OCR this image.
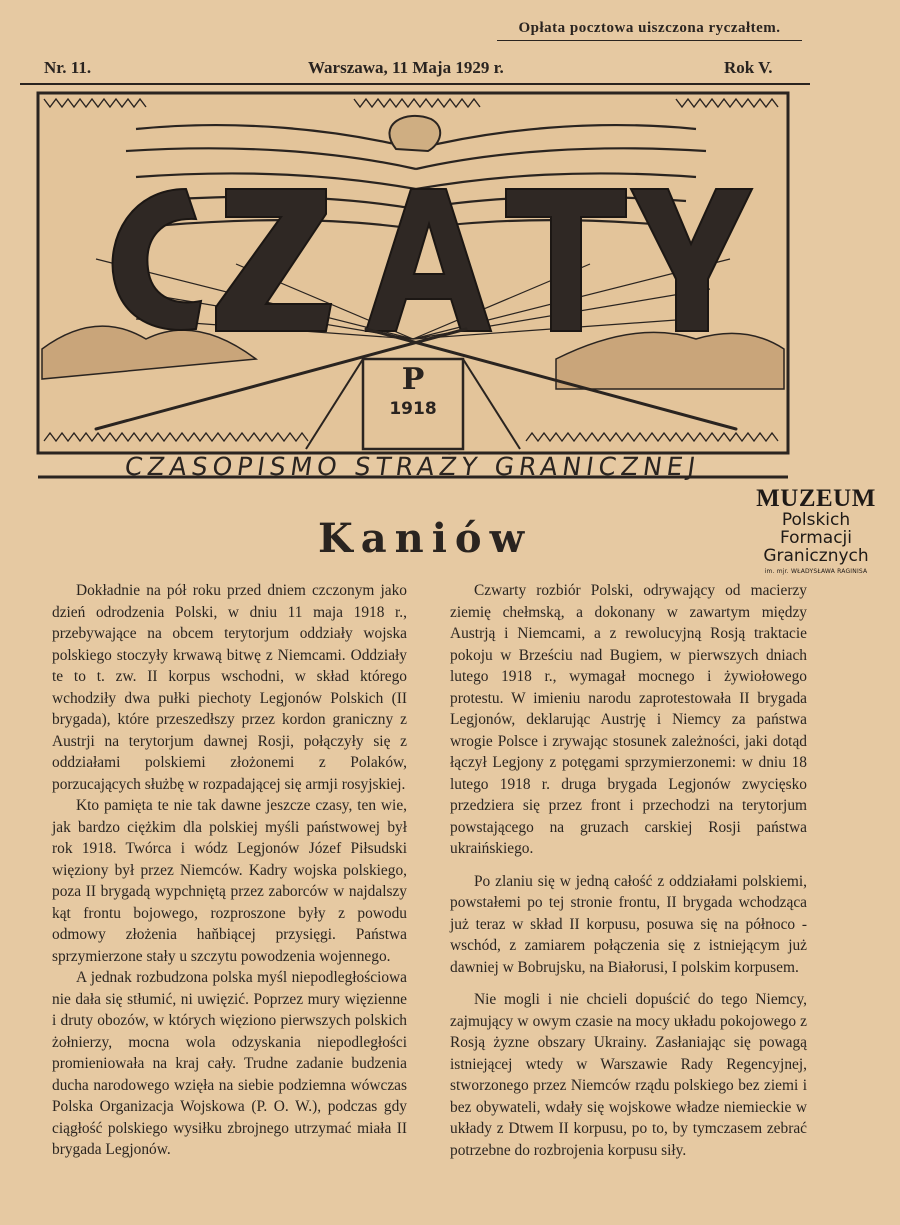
Opłata pocztowa uiszczona ryczałtem.
Nr. 11.	Warszawa, 11 Maja 1929 r.	Rok V.
P
1918
CZASOPISMO STRAŻY GRANICZNEJ
MUZEUM
Polskich
Formacji
Granicznych
im. mjr. WŁADYSŁAWA RAGINISA
Kaniów

Dokładnie na pół roku przed dniem czczonym jako dzień odrodzenia Polski, w dniu 11 maja 1918 r., przebywające na obcem terytorjum oddziały wojska polskiego stoczyły krwawą bitwę z Niemcami. Oddziały te to t. zw. II korpus wschodni, w skład którego wchodziły dwa pułki piechoty Legjonów Polskich (II brygada), które przeszedłszy przez kordon graniczny z Austrji na terytorjum dawnej Rosji, połączyły się z oddziałami polskiemi złożonemi z Polaków, porzucających służbę w rozpadającej się armji rosyjskiej.

Kto pamięta te nie tak dawne jeszcze czasy, ten wie, jak bardzo ciężkim dla polskiej myśli państwowej był rok 1918. Twórca i wódz Legjonów Józef Piłsudski więziony był przez Niemców. Kadry wojska polskiego, poza II brygadą wypchniętą przez zaborców w najdalszy kąt frontu bojowego, rozproszone były z powodu odmowy złożenia haňbiącej przysięgi. Państwa sprzymierzone stały u szczytu powodzenia wojennego.

A jednak rozbudzona polska myśl niepodległościowa nie dała się stłumić, ni uwięzić. Poprzez mury więzienne i druty obozów, w których więziono pierwszych polskich żołnierzy, mocna wola odzyskania niepodległości promieniowała na kraj cały. Trudne zadanie budzenia ducha narodowego wzięła na siebie podziemna wówczas Polska Organizacja Wojskowa (P. O. W.), podczas gdy ciągłość polskiego wysiłku zbrojnego utrzymać miała II brygada Legjonów.

Czwarty rozbiór Polski, odrywający od macierzy ziemię chełmską, a dokonany w zawartym między Austrją i Niemcami, a z rewolucyjną Rosją traktacie pokoju w Brześciu nad Bugiem, w pierwszych dniach lutego 1918 r., wymagał mocnego i żywiołowego protestu. W imieniu narodu zaprotestowała II brygada Legjonów, deklarując Austrję i Niemcy za państwa wrogie Polsce i zrywając stosunek zależności, jaki dotąd łączył Legjony z potęgami sprzymierzonemi: w dniu 18 lutego 1918 r. druga brygada Legjonów zwycięsko przedziera się przez front i przechodzi na terytorjum powstającego na gruzach carskiej Rosji państwa ukraińskiego.

Po zlaniu się w jedną całość z oddziałami polskiemi, powstałemi po tej stronie frontu, II brygada wchodząca już teraz w skład II korpusu, posuwa się na północo - wschód, z zamiarem połączenia się z istniejącym już dawniej w Bobrujsku, na Białorusi, I polskim korpusem.

Nie mogli i nie chcieli dopuścić do tego Niemcy, zajmujący w owym czasie na mocy układu pokojowego z Rosją żyzne obszary Ukrainy. Zasłaniając się powagą istniejącej wtedy w Warszawie Rady Regencyjnej, stworzonego przez Niemców rządu polskiego bez ziemi i bez obywateli, wdały się wojskowe władze niemieckie w układy z Dtwem II korpusu, po to, by tymczasem zebrać potrzebne do rozbrojenia korpusu siły.
